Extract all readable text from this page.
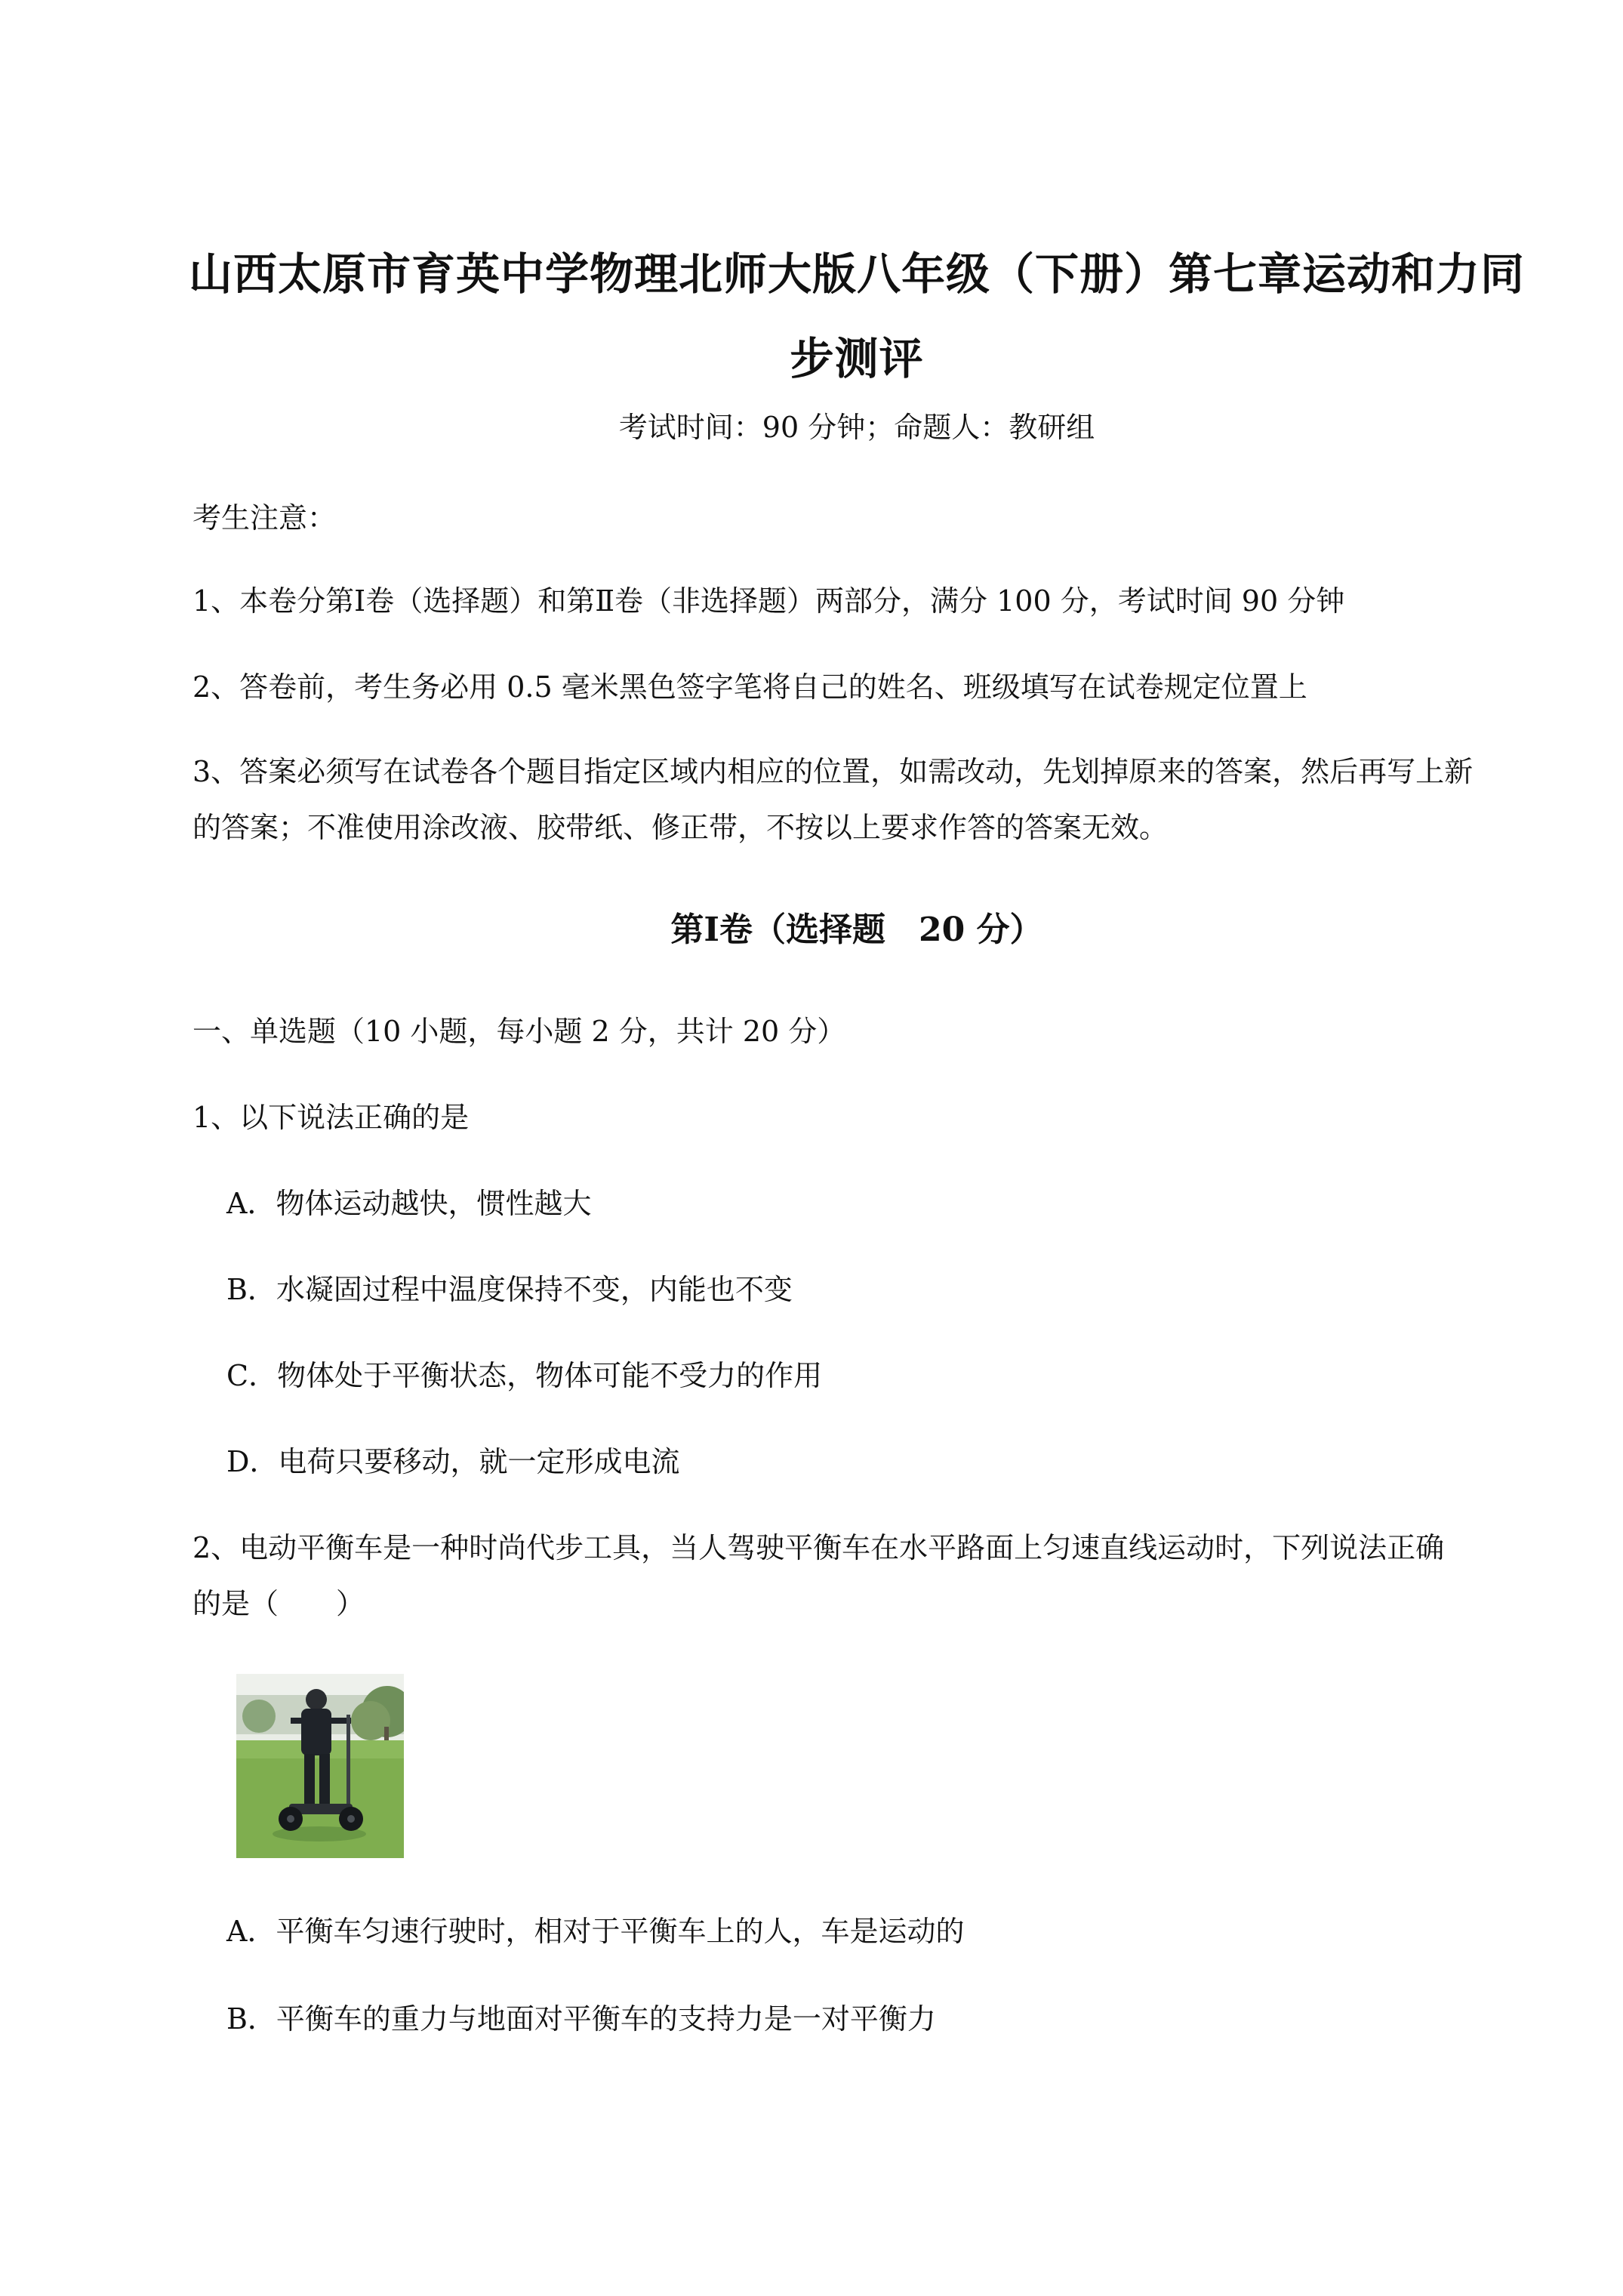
山西太原市育英中学物理北师大版八年级（下册）第七章运动和力同
步测评
考试时间：90 分钟；命题人：教研组
考生注意：
1、本卷分第Ⅰ卷（选择题）和第Ⅱ卷（非选择题）两部分，满分 100 分，考试时间 90 分钟
2、答卷前，考生务必用 0.5 毫米黑色签字笔将自己的姓名、班级填写在试卷规定位置上
3、答案必须写在试卷各个题目指定区域内相应的位置，如需改动，先划掉原来的答案，然后再写上新
的答案；不准使用涂改液、胶带纸、修正带，不按以上要求作答的答案无效。
第Ⅰ卷（选择题　20 分）
一、单选题（10 小题，每小题 2 分，共计 20 分）
1、以下说法正确的是
A．物体运动越快，惯性越大
B．水凝固过程中温度保持不变，内能也不变
C．物体处于平衡状态，物体可能不受力的作用
D．电荷只要移动，就一定形成电流
2、电动平衡车是一种时尚代步工具，当人驾驶平衡车在水平路面上匀速直线运动时，下列说法正确
的是（　　）
A．平衡车匀速行驶时，相对于平衡车上的人，车是运动的
B．平衡车的重力与地面对平衡车的支持力是一对平衡力
